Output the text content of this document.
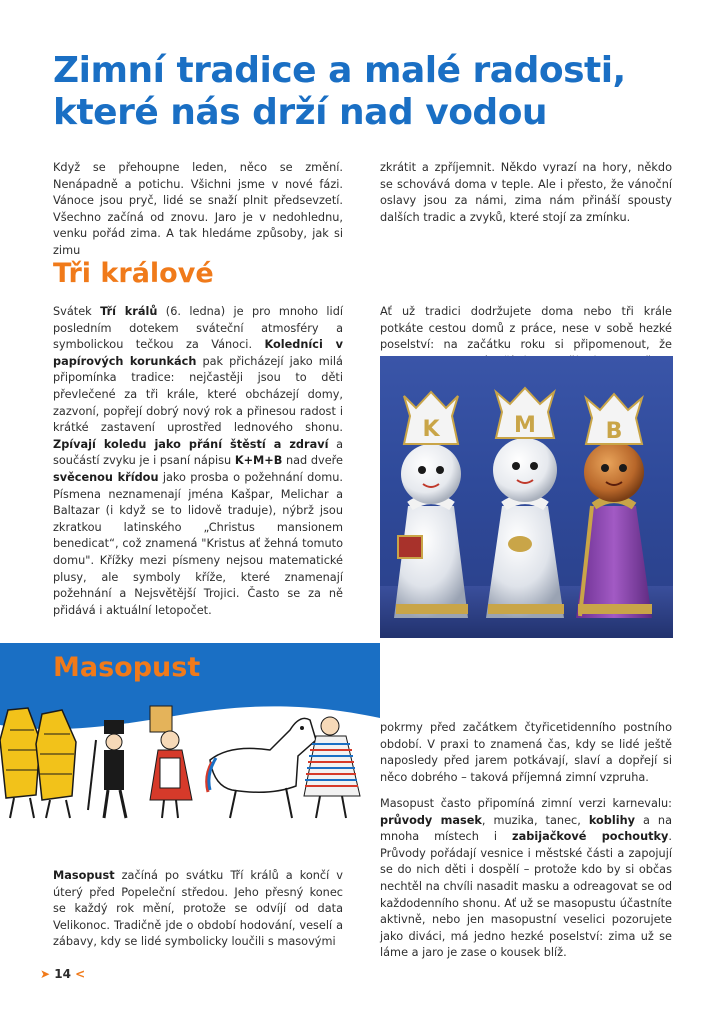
Zimní tradice a malé radosti, které nás drží nad vodou

Když se přehoupne leden, něco se změní. Nenápadně a potichu. Všichni jsme v nové fázi. Vánoce jsou pryč, lidé se snaží plnit předsevzetí. Všechno začíná od znovu. Jaro je v nedohlednu, venku pořád zima. A tak hledáme způsoby, jak si zimu

zkrátit a zpříjemnit. Někdo vyrazí na hory, někdo se schovává doma v teple. Ale i přesto, že vánoční oslavy jsou za námi, zima nám přináší spousty dalších tradic a zvyků, které stojí za zmínku.

Tři králové

Svátek Tří králů (6. ledna) je pro mnoho lidí posledním dotekem sváteční atmosféry a symbolickou tečkou za Vánoci. Koledníci v papírových korunkách pak přicházejí jako milá připomínka tradice: nejčastěji jsou to děti převlečené za tři krále, které obcházejí domy, zazvoní, popřejí dobrý nový rok a přinesou radost i krátké zastavení uprostřed lednového shonu. Zpívají koledu jako přání štěstí a zdraví a součástí zvyku je i psaní nápisu K+M+B nad dveře svěcenou křídou jako prosba o požehnání domu. Písmena neznamenají jména Kašpar, Melichar a Baltazar (i když se to lidově traduje), nýbrž jsou zkratkou latinského „Christus mansionem benedicat“, což znamená "Kristus ať žehná tomuto domu". Křížky mezi písmeny nejsou matematické plusy, ale symboly kříže, které znamenají požehnání a Nejsvětější Trojici. Často se za ně přidává i aktuální letopočet.

Ať už tradici dodržujete doma nebo tři krále potkáte cestou domů z práce, nese v sobě hezké poselství: na začátku roku si připomenout, že

K	M	B
Masopust

Masopust začíná po svátku Tří králů a končí v úterý před Popeleční středou. Jeho přesný konec se každý rok mění, protože se odvíjí od data Velikonoc. Tradičně jde o období hodování, veselí a zábavy, kdy se lidé symbolicky loučili s masovými

pokrmy před začátkem čtyřicetidenního postního období. V praxi to znamená čas, kdy se lidé ještě naposledy před jarem potkávají, slaví a dopřejí si něco dobrého – taková příjemná zimní vzpruha.

Masopust často připomíná zimní verzi karnevalu: průvody masek, muzika, tanec, koblihy a na mnoha místech i zabijačkové pochoutky. Průvody pořádají vesnice i městské části a zapojují se do nich děti i dospělí – protože kdo by si občas nechtěl na chvíli nasadit masku a odreagovat se od každodenního shonu. Ať už se masopustu účastníte aktivně, nebo jen masopustní veselici pozorujete jako diváci, má jedno hezké poselství: zima už se láme a jaro je zase o kousek blíž.

➤ 14 <
